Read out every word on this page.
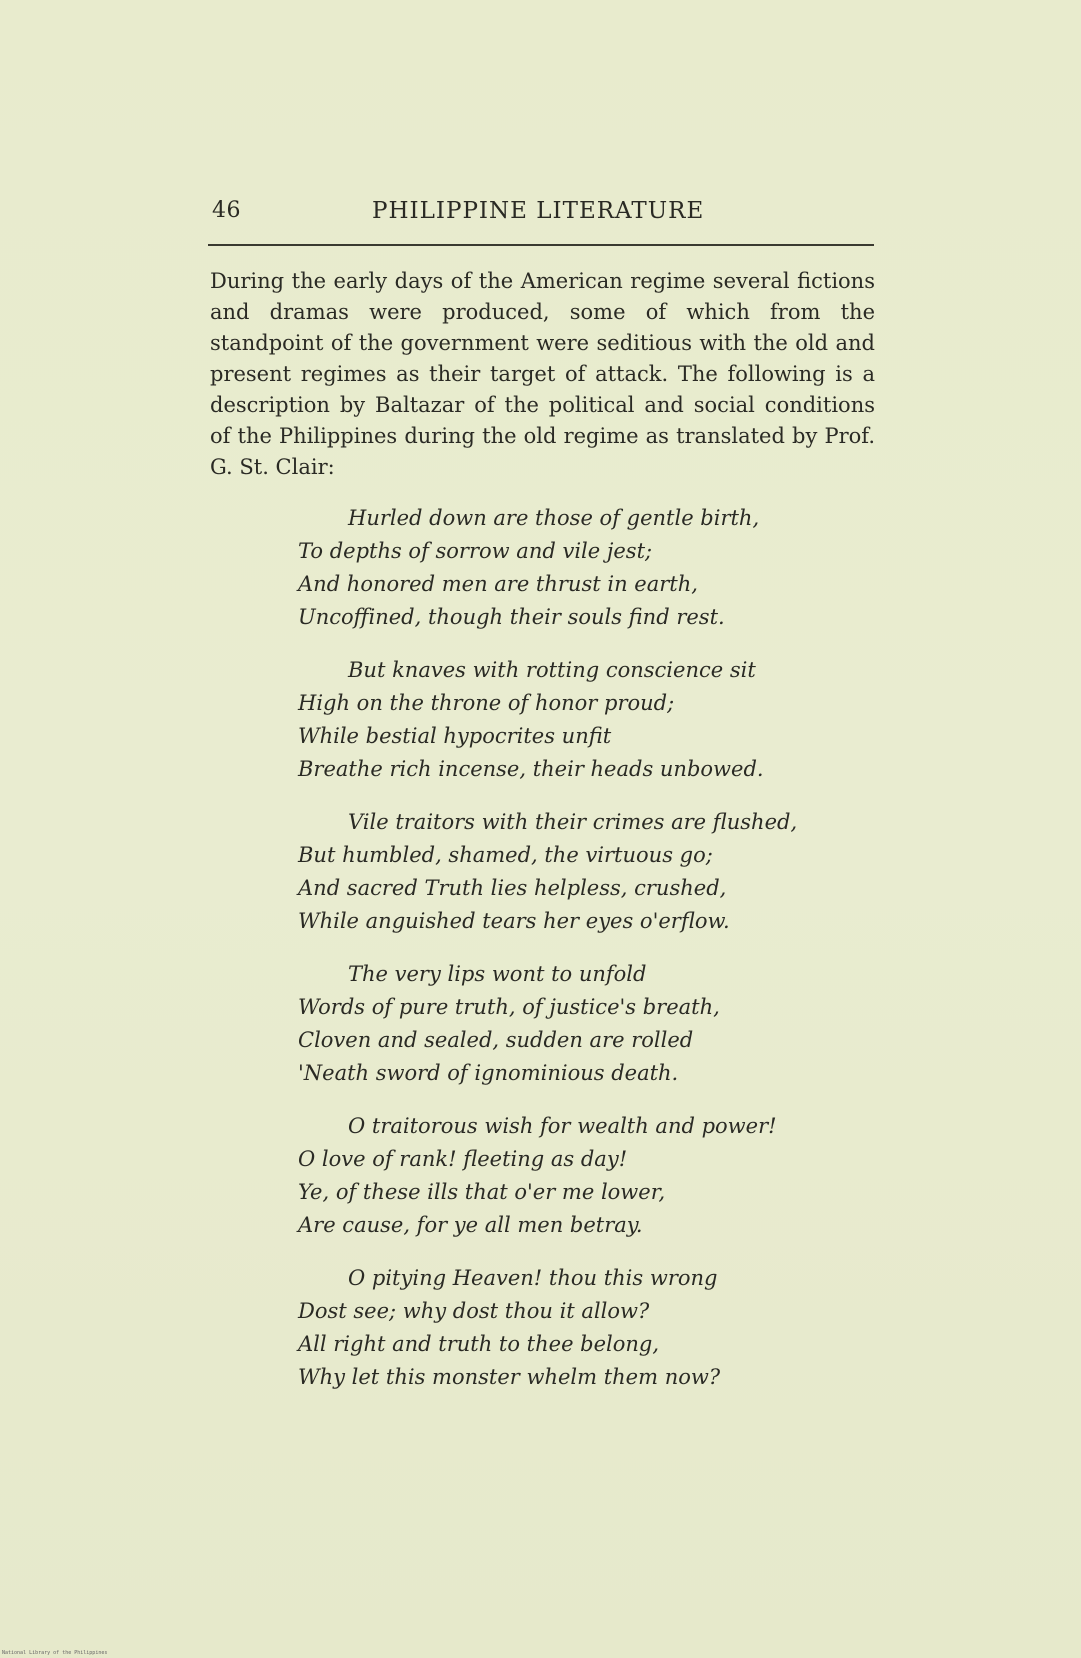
46	PHILIPPINE LITERATURE

During the early days of the American regime several fictions and dramas were produced, some of which from the standpoint of the government were seditious with the old and present regimes as their target of attack. The following is a description by Baltazar of the political and social conditions of the Philippines during the old regime as translated by Prof. G. St. Clair:

Hurled down are those of gentle birth,
To depths of sorrow and vile jest;
And honored men are thrust in earth,
Uncoffined, though their souls find rest.
But knaves with rotting conscience sit
High on the throne of honor proud;
While bestial hypocrites unfit
Breathe rich incense, their heads unbowed.
Vile traitors with their crimes are flushed,
But humbled, shamed, the virtuous go;
And sacred Truth lies helpless, crushed,
While anguished tears her eyes o'erflow.
The very lips wont to unfold
Words of pure truth, of justice's breath,
Cloven and sealed, sudden are rolled
'Neath sword of ignominious death.
O traitorous wish for wealth and power!
O love of rank! fleeting as day!
Ye, of these ills that o'er me lower,
Are cause, for ye all men betray.
O pitying Heaven! thou this wrong
Dost see; why dost thou it allow?
All right and truth to thee belong,
Why let this monster whelm them now?
National Library of the Philippines
